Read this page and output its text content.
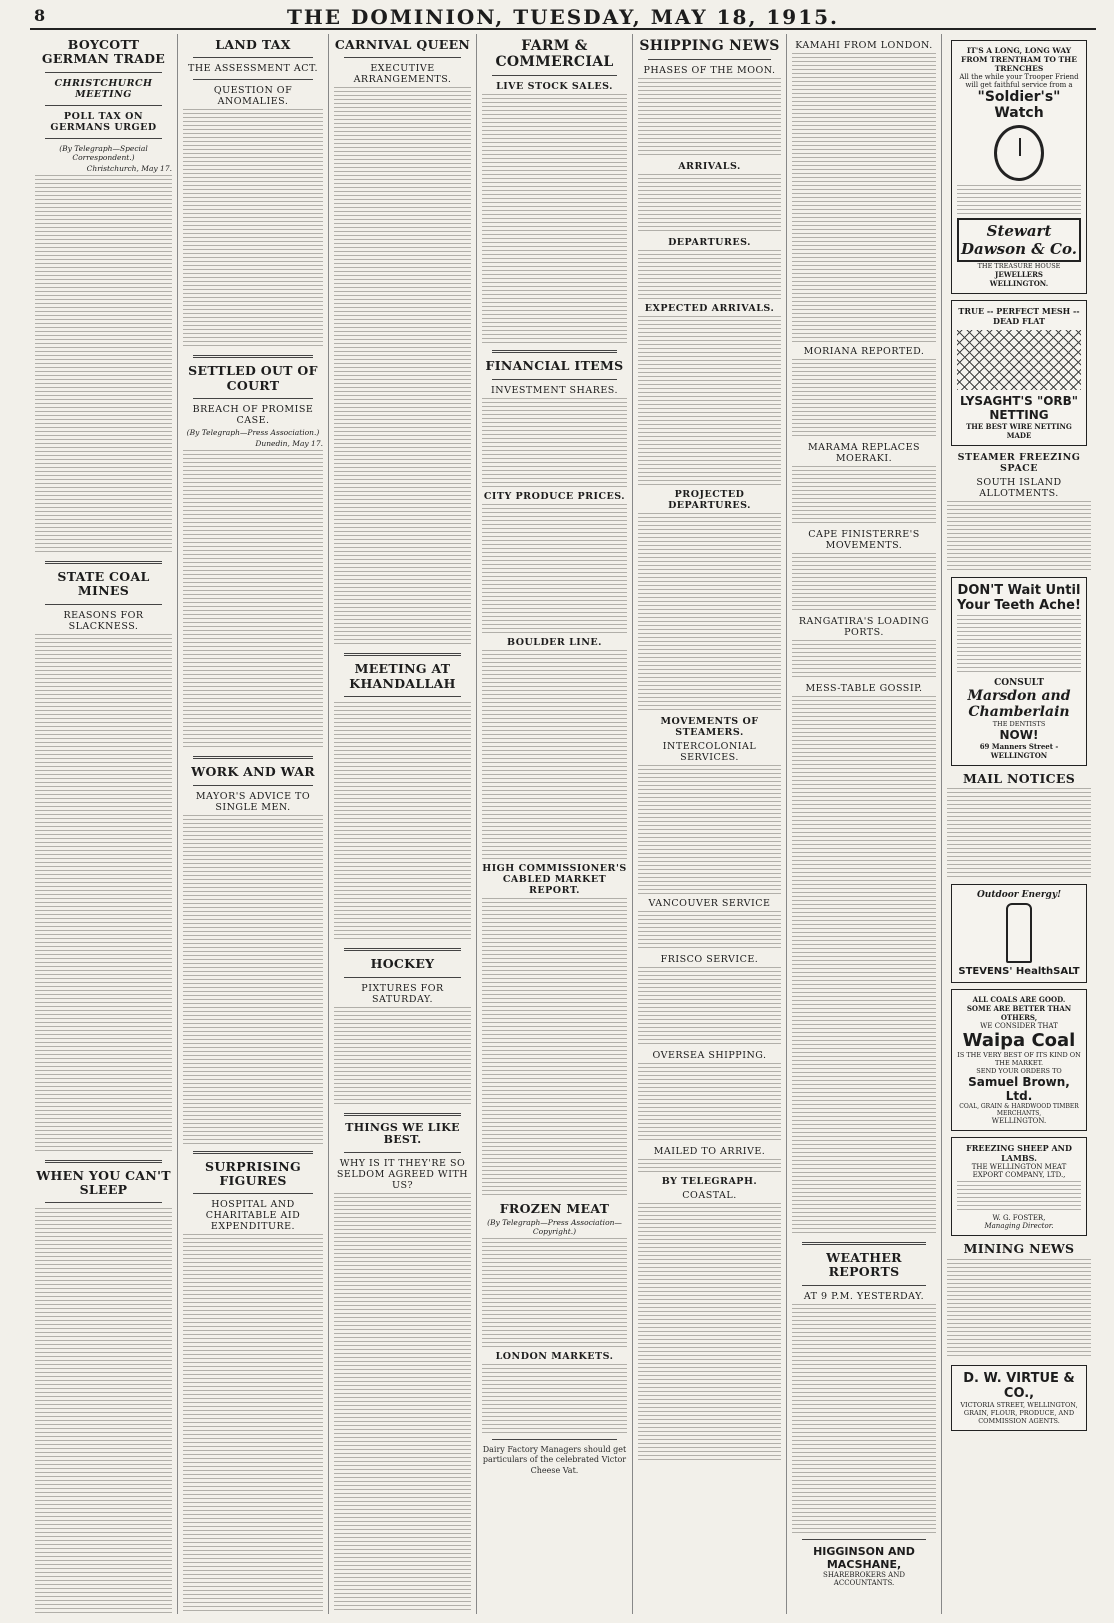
8	THE DOMINION, TUESDAY, MAY 18, 1915.
BOYCOTT GERMAN TRADE
CHRISTCHURCH MEETING
POLL TAX ON GERMANS URGED
(By Telegraph—Special Correspondent.)
Christchurch, May 17.
STATE COAL MINES
REASONS FOR SLACKNESS.
WHEN YOU CAN'T SLEEP
LAND TAX
THE ASSESSMENT ACT.
QUESTION OF ANOMALIES.
SETTLED OUT OF COURT
BREACH OF PROMISE CASE.
(By Telegraph—Press Association.)
Dunedin, May 17.
WORK AND WAR
MAYOR'S ADVICE TO SINGLE MEN.
SURPRISING FIGURES
HOSPITAL AND CHARITABLE AID EXPENDITURE.
CARNIVAL QUEEN
EXECUTIVE ARRANGEMENTS.
MEETING AT KHANDALLAH
HOCKEY
PIXTURES FOR SATURDAY.
THINGS WE LIKE BEST.
WHY IS IT THEY'RE SO SELDOM AGREED WITH US?
FARM & COMMERCIAL
LIVE STOCK SALES.
FINANCIAL ITEMS
INVESTMENT SHARES.
CITY PRODUCE PRICES.
BOULDER LINE.
HIGH COMMISSIONER'S CABLED MARKET REPORT.
FROZEN MEAT
(By Telegraph—Press Association—Copyright.)
LONDON MARKETS.

Dairy Factory Managers should get particulars of the celebrated Victor Cheese Vat.

SHIPPING NEWS
PHASES OF THE MOON.
ARRIVALS.
DEPARTURES.
EXPECTED ARRIVALS.
PROJECTED DEPARTURES.
MOVEMENTS OF STEAMERS.
INTERCOLONIAL SERVICES.
VANCOUVER SERVICE
FRISCO SERVICE.
OVERSEA SHIPPING.
MAILED TO ARRIVE.
BY TELEGRAPH.
COASTAL.
KAMAHI FROM LONDON.
MORIANA REPORTED.
MARAMA REPLACES MOERAKI.
CAPE FINISTERRE'S MOVEMENTS.
RANGATIRA'S LOADING PORTS.
MESS-TABLE GOSSIP.
WEATHER REPORTS
AT 9 P.M. YESTERDAY.
HIGGINSON AND MACSHANE,
SHAREBROKERS AND ACCOUNTANTS.
IT'S A LONG, LONG WAY FROM TRENTHAM TO THE TRENCHES
All the while your Trooper Friend will get faithful service from a
"Soldier's" Watch
Stewart Dawson & Co.
THE TREASURE HOUSE
JEWELLERS
WELLINGTON.
TRUE -- PERFECT MESH -- DEAD FLAT
LYSAGHT'S "ORB" NETTING
THE BEST WIRE NETTING MADE
STEAMER FREEZING SPACE
SOUTH ISLAND ALLOTMENTS.
DON'T Wait Until Your Teeth Ache!
CONSULT
Marsdon and Chamberlain
THE DENTISTS
NOW!
69 Manners Street - WELLINGTON
MAIL NOTICES
Outdoor Energy!
STEVENS' HealthSALT
ALL COALS ARE GOOD.
SOME ARE BETTER THAN OTHERS,
WE CONSIDER THAT
Waipa Coal
IS THE VERY BEST OF ITS KIND ON THE MARKET.
SEND YOUR ORDERS TO
Samuel Brown, Ltd.
COAL, GRAIN & HARDWOOD TIMBER MERCHANTS,
WELLINGTON.
FREEZING SHEEP AND LAMBS.
THE WELLINGTON MEAT EXPORT COMPANY, LTD.,
W. G. FOSTER,
Managing Director.
MINING NEWS
D. W. VIRTUE & CO.,
VICTORIA STREET, WELLINGTON, GRAIN, FLOUR, PRODUCE, AND COMMISSION AGENTS.
